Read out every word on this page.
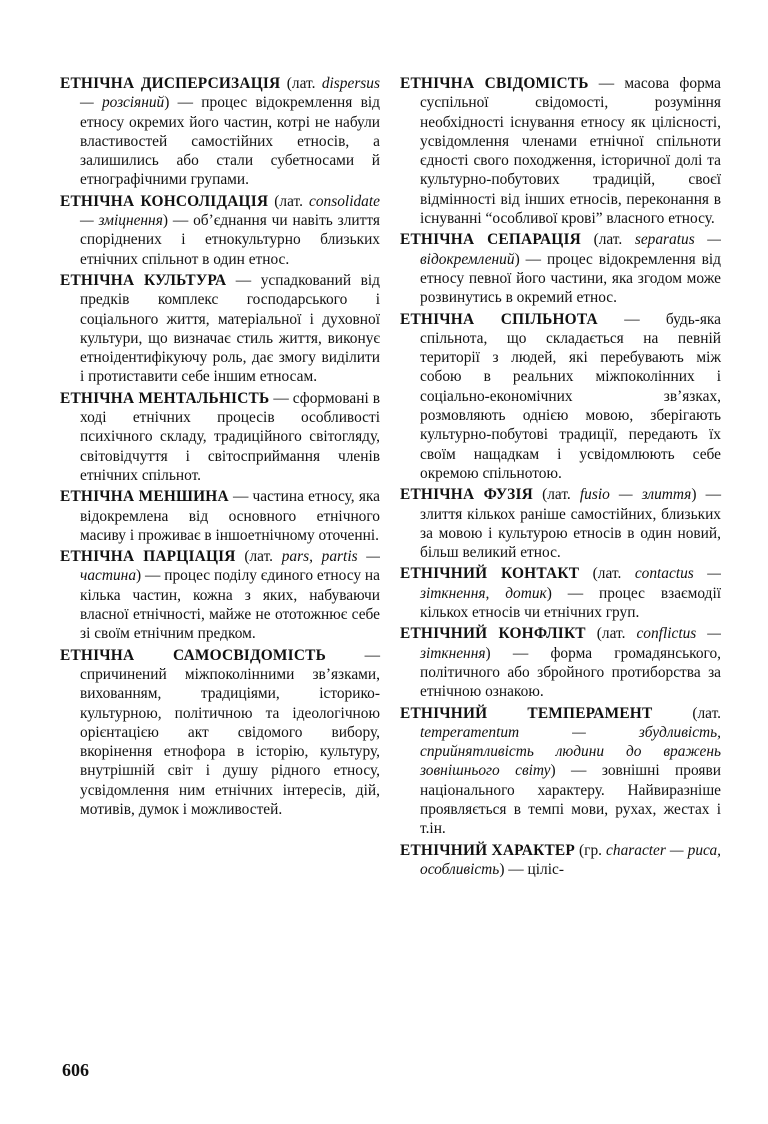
ЕТНІЧНА ДИСПЕРСИЗАЦІЯ (лат. dispersus — розсіяний) — процес відокремлення від етносу окремих його частин, котрі не набули властивостей самостійних етносів, а залишились або стали субетносами й етнографічними групами.

ЕТНІЧНА КОНСОЛІДАЦІЯ (лат. consolidate — зміцнення) — об’єднання чи навіть злиття споріднених і етнокультурно близьких етнічних спільнот в один етнос.

ЕТНІЧНА КУЛЬТУРА — успадкований від предків комплекс господарського і соціального життя, матеріальної і духовної культури, що визначає стиль життя, виконує етноідентифікуючу роль, дає змогу виділити і протиставити себе іншим етносам.

ЕТНІЧНА МЕНТАЛЬНІСТЬ — сформовані в ході етнічних процесів особливості психічного складу, традиційного світогляду, світовідчуття і світосприймання членів етнічних спільнот.

ЕТНІЧНА МЕНШИНА — частина етносу, яка відокремлена від основного етнічного масиву і проживає в іншоетнічному оточенні.

ЕТНІЧНА ПАРЦІАЦІЯ (лат. pars, partis — частина) — процес поділу єдиного етносу на кілька частин, кожна з яких, набуваючи власної етнічності, майже не ототожнює себе зі своїм етнічним предком.

ЕТНІЧНА САМОСВІДОМІСТЬ — спричинений міжпоколінними зв’язками, вихованням, традиціями, історико-культурною, політичною та ідеологічною орієнтацією акт свідомого вибору, вкорінення етнофора в історію, культуру, внутрішній світ і душу рідного етносу, усвідомлення ним етнічних інтересів, дій, мотивів, думок і можливостей.

ЕТНІЧНА СВІДОМІСТЬ — масова форма суспільної свідомості, розуміння необхідності існування етносу як цілісності, усвідомлення членами етнічної спільноти єдності свого походження, історичної долі та культурно-побутових традицій, своєї відмінності від інших етносів, переконання в існуванні “особливої крові” власного етносу.

ЕТНІЧНА СЕПАРАЦІЯ (лат. separatus — відокремлений) — процес відокремлення від етносу певної його частини, яка згодом може розвинутись в окремий етнос.

ЕТНІЧНА СПІЛЬНОТА — будь-яка спільнота, що складається на певній території з людей, які перебувають між собою в реальних міжпоколінних і соціально-економічних зв’язках, розмовляють однією мовою, зберігають культурно-побутові традиції, передають їх своїм нащадкам і усвідомлюють себе окремою спільнотою.

ЕТНІЧНА ФУЗІЯ (лат. fusio — злиття) — злиття кількох раніше самостійних, близьких за мовою і культурою етносів в один новий, більш великий етнос.

ЕТНІЧНИЙ КОНТАКТ (лат. contactus — зіткнення, дотик) — процес взаємодії кількох етносів чи етнічних груп.

ЕТНІЧНИЙ КОНФЛІКТ (лат. conflictus — зіткнення) — форма громадянського, політичного або збройного протиборства за етнічною ознакою.

ЕТНІЧНИЙ ТЕМПЕРАМЕНТ (лат. temperamentum — збудливість, сприйнятливість людини до вражень зовнішнього світу) — зовнішні прояви національного характеру. Найвиразніше проявляється в темпі мови, рухах, жестах і т.ін.

ЕТНІЧНИЙ ХАРАКТЕР (гр. character — риса, особливість) — ціліс-

606
